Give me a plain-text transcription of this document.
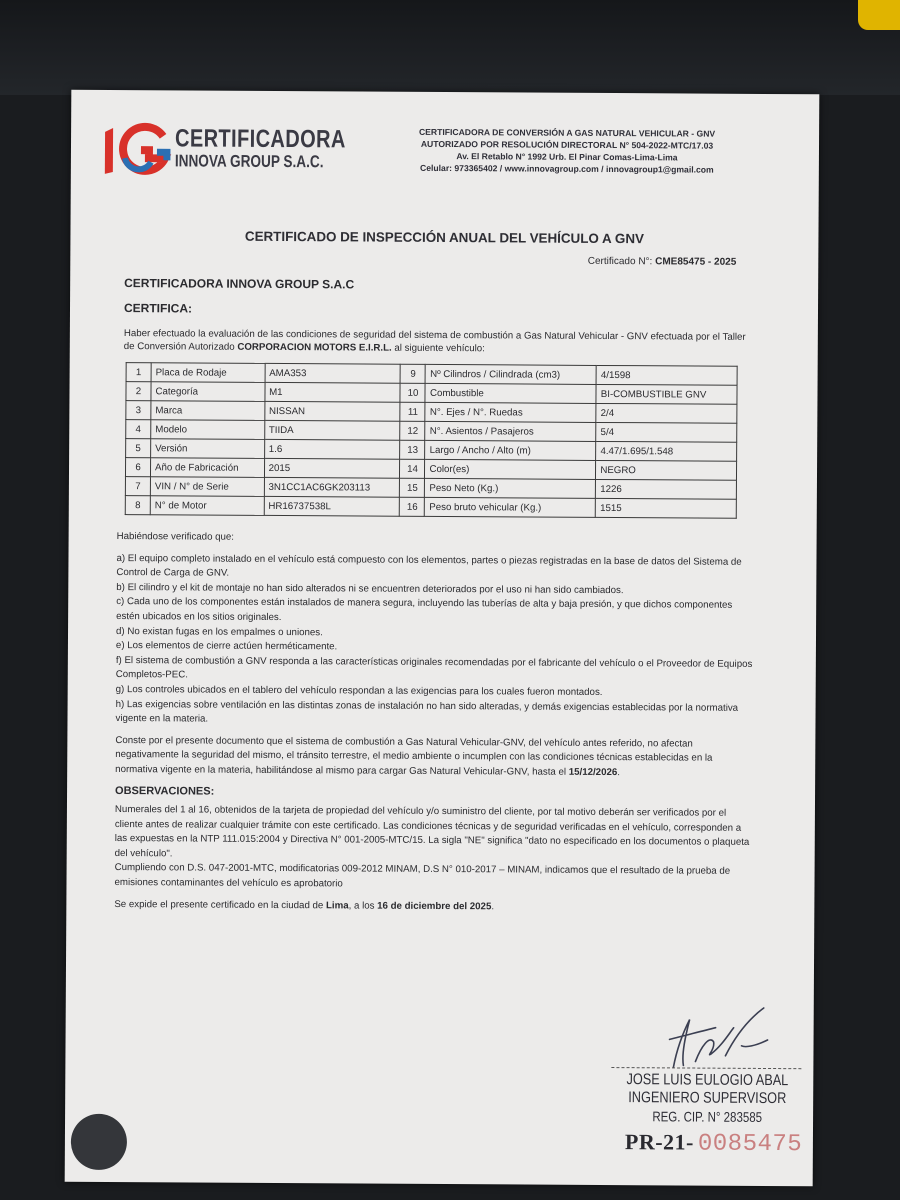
CERTIFICADORA
INNOVA GROUP S.A.C.
CERTIFICADORA DE CONVERSIÓN A GAS NATURAL VEHICULAR - GNV
AUTORIZADO POR RESOLUCIÓN DIRECTORAL N° 504-2022-MTC/17.03
Av. El Retablo N° 1992 Urb. El Pinar Comas-Lima-Lima
Celular: 973365402 / www.innovagroup.com / innovagroup1@gmail.com
CERTIFICADO DE INSPECCIÓN ANUAL DEL VEHÍCULO A GNV
Certificado N°: CME85475 - 2025
CERTIFICADORA INNOVA GROUP S.A.C
CERTIFICA:
Haber efectuado la evaluación de las condiciones de seguridad del sistema de combustión a Gas Natural Vehicular - GNV efectuada por el Taller de Conversión Autorizado CORPORACION MOTORS E.I.R.L. al siguiente vehículo:
1	Placa de Rodaje	AMA353	9	Nº Cilindros / Cilindrada (cm3)	4/1598
2	Categoría	M1	10	Combustible	BI-COMBUSTIBLE GNV
3	Marca	NISSAN	11	N°. Ejes / N°. Ruedas	2/4
4	Modelo	TIIDA	12	N°. Asientos / Pasajeros	5/4
5	Versión	1.6	13	Largo / Ancho / Alto (m)	4.47/1.695/1.548
6	Año de Fabricación	2015	14	Color(es)	NEGRO
7	VIN / N° de Serie	3N1CC1AC6GK203113	15	Peso Neto (Kg.)	1226
8	N° de Motor	HR16737538L	16	Peso bruto vehicular (Kg.)	1515

Habiéndose verificado que:

a) El equipo completo instalado en el vehículo está compuesto con los elementos, partes o piezas registradas en la base de datos del Sistema de Control de Carga de GNV.

b) El cilindro y el kit de montaje no han sido alterados ni se encuentren deteriorados por el uso ni han sido cambiados.

c) Cada uno de los componentes están instalados de manera segura, incluyendo las tuberías de alta y baja presión, y que dichos componentes estén ubicados en los sitios originales.

d) No existan fugas en los empalmes o uniones.

e) Los elementos de cierre actúen herméticamente.

f) El sistema de combustión a GNV responda a las características originales recomendadas por el fabricante del vehículo o el Proveedor de Equipos Completos-PEC.

g) Los controles ubicados en el tablero del vehículo respondan a las exigencias para los cuales fueron montados.

h) Las exigencias sobre ventilación en las distintas zonas de instalación no han sido alteradas, y demás exigencias establecidas por la normativa vigente en la materia.

Conste por el presente documento que el sistema de combustión a Gas Natural Vehicular-GNV, del vehículo antes referido, no afectan negativamente la seguridad del mismo, el tránsito terrestre, el medio ambiente o incumplen con las condiciones técnicas establecidas en la normativa vigente en la materia, habilitándose al mismo para cargar Gas Natural Vehicular-GNV, hasta el 15/12/2026.

OBSERVACIONES:

Numerales del 1 al 16, obtenidos de la tarjeta de propiedad del vehículo y/o suministro del cliente, por tal motivo deberán ser verificados por el cliente antes de realizar cualquier trámite con este certificado. Las condiciones técnicas y de seguridad verificadas en el vehículo, corresponden a las expuestas en la NTP 111.015:2004 y Directiva N° 001-2005-MTC/15. La sigla "NE" significa "dato no especificado en los documentos o plaqueta del vehículo".

Cumpliendo con D.S. 047-2001-MTC, modificatorias 009-2012 MINAM, D.S N° 010-2017 – MINAM, indicamos que el resultado de la prueba de emisiones contaminantes del vehículo es aprobatorio

Se expide el presente certificado en la ciudad de Lima, a los 16 de diciembre del 2025.

JOSE LUIS EULOGIO ABAL
INGENIERO SUPERVISOR
REG. CIP. N° 283585
PR-21- 0085475
